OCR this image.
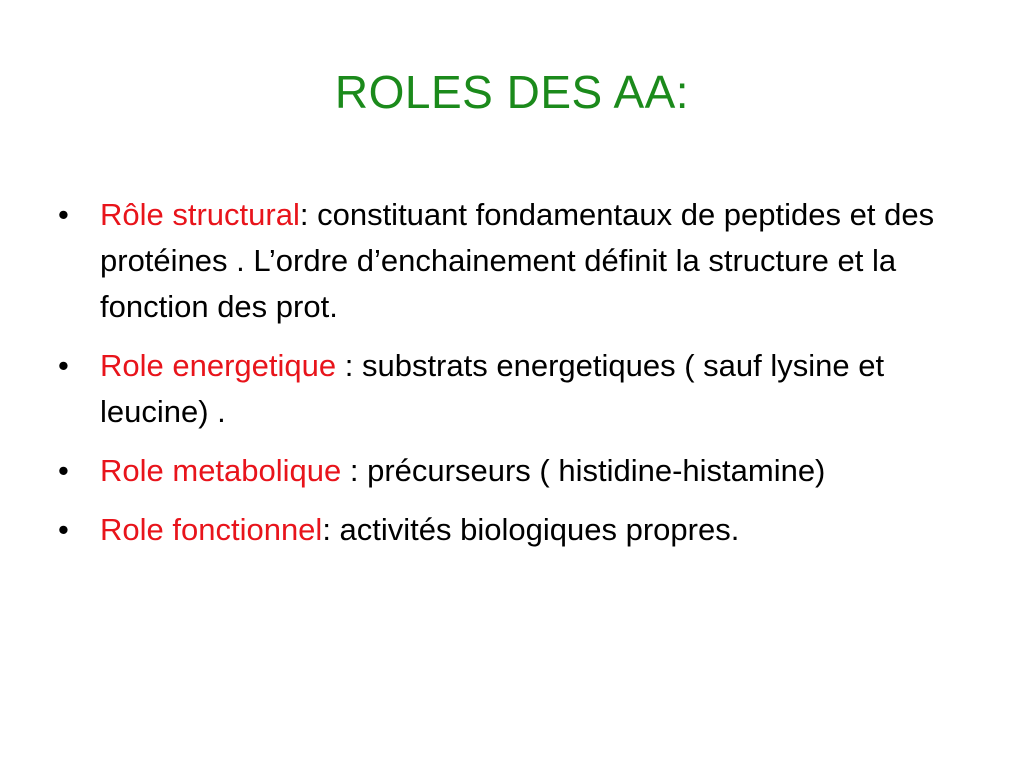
ROLES DES AA:
•	Rôle structural: constituant fondamentaux de peptides et des protéines . L’ordre d’enchainement définit la structure et la fonction des prot.
•	Role energetique : substrats energetiques ( sauf lysine et leucine) .
•	Role metabolique : précurseurs ( histidine-histamine)
•	Role fonctionnel: activités biologiques propres.
